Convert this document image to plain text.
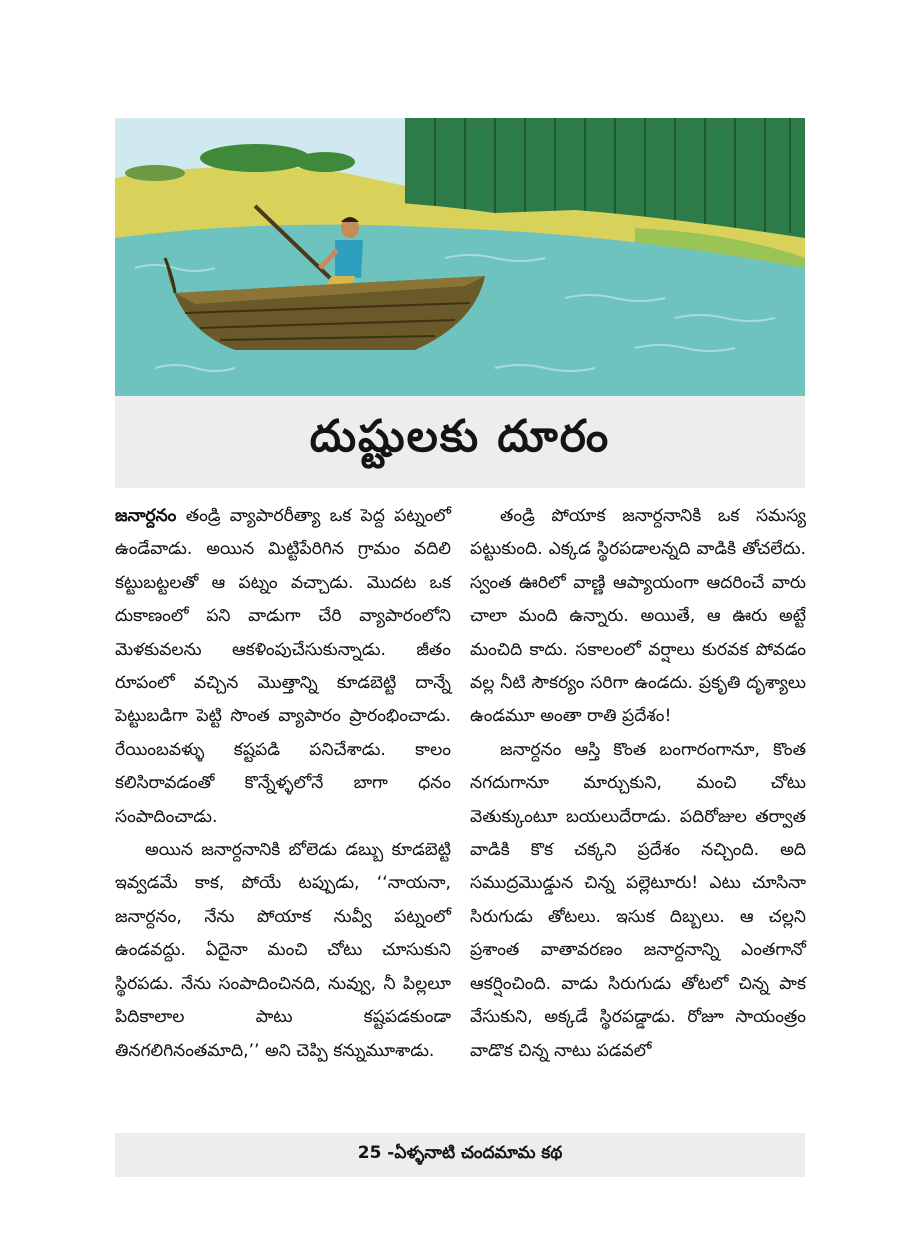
దుష్టులకు దూరం

జనార్దనం తండ్రి వ్యాపారరీత్యా ఒక పెద్ద పట్నంలో ఉండేవాడు. అయిన మిట్టిపేరిగిన గ్రామం వదిలి కట్టుబట్టలతో ఆ పట్నం వచ్చాడు. మొదట ఒక దుకాణంలో పని వాడుగా చేరి వ్యాపారంలోని మెళకువలను ఆకళింపుచేసుకున్నాడు. జీతం రూపంలో వచ్చిన మొత్తాన్ని కూడబెట్టి దాన్నే పెట్టుబడిగా పెట్టి సొంత వ్యాపారం ప్రారంభించాడు. రేయింబవళ్ళు కష్టపడి పనిచేశాడు. కాలం కలిసిరావడంతో కొన్నేళ్ళలోనే బాగా ధనం సంపాదించాడు.

అయిన జనార్దనానికి బోలెడు డబ్బు కూడబెట్టి ఇవ్వడమే కాక, పోయే టప్పుడు, ‘‘నాయనా, జనార్దనం, నేను పోయాక నువ్వీ పట్నంలో ఉండవద్దు. ఏదైనా మంచి చోటు చూసుకుని స్థిరపడు. నేను సంపాదించినది, నువ్వు, నీ పిల్లలూ పిదికాలాల పాటు కష్టపడకుండా తినగలిగినంతమాది,’’ అని చెప్పి కన్నుమూశాడు.

తండ్రి పోయాక జనార్దనానికి ఒక సమస్య పట్టుకుంది. ఎక్కడ స్థిరపడాలన్నది వాడికి తోచలేదు. స్వంత ఊరిలో వాణ్ణి ఆప్యాయంగా ఆదరించే వారు చాలా మంది ఉన్నారు. అయితే, ఆ ఊరు అట్టే మంచిది కాదు. సకాలంలో వర్షాలు కురవక పోవడం వల్ల నీటి సౌకర్యం సరిగా ఉండదు. ప్రకృతి దృశ్యాలు ఉండమూ అంతా రాతి ప్రదేశం!

జనార్దనం ఆస్తి కొంత బంగారంగానూ, కొంత నగదుగానూ మార్చుకుని, మంచి చోటు వెతుక్కుంటూ బయలుదేరాడు. పదిరోజుల తర్వాత వాడికి కొక చక్కని ప్రదేశం నచ్చింది. అది సముద్రమొడ్డున చిన్న పల్లెటూరు! ఎటు చూసినా సిరుగుడు తోటలు. ఇసుక దిబ్బలు. ఆ చల్లని ప్రశాంత వాతావరణం జనార్దనాన్ని ఎంతగానో ఆకర్షించింది. వాడు సిరుగుడు తోటలో చిన్న పాక వేసుకుని, అక్కడే స్థిరపడ్డాడు. రోజూ సాయంత్రం వాడొక చిన్న నాటు పడవలో

25 -ఏళ్ళనాటి చందమామ కథ
